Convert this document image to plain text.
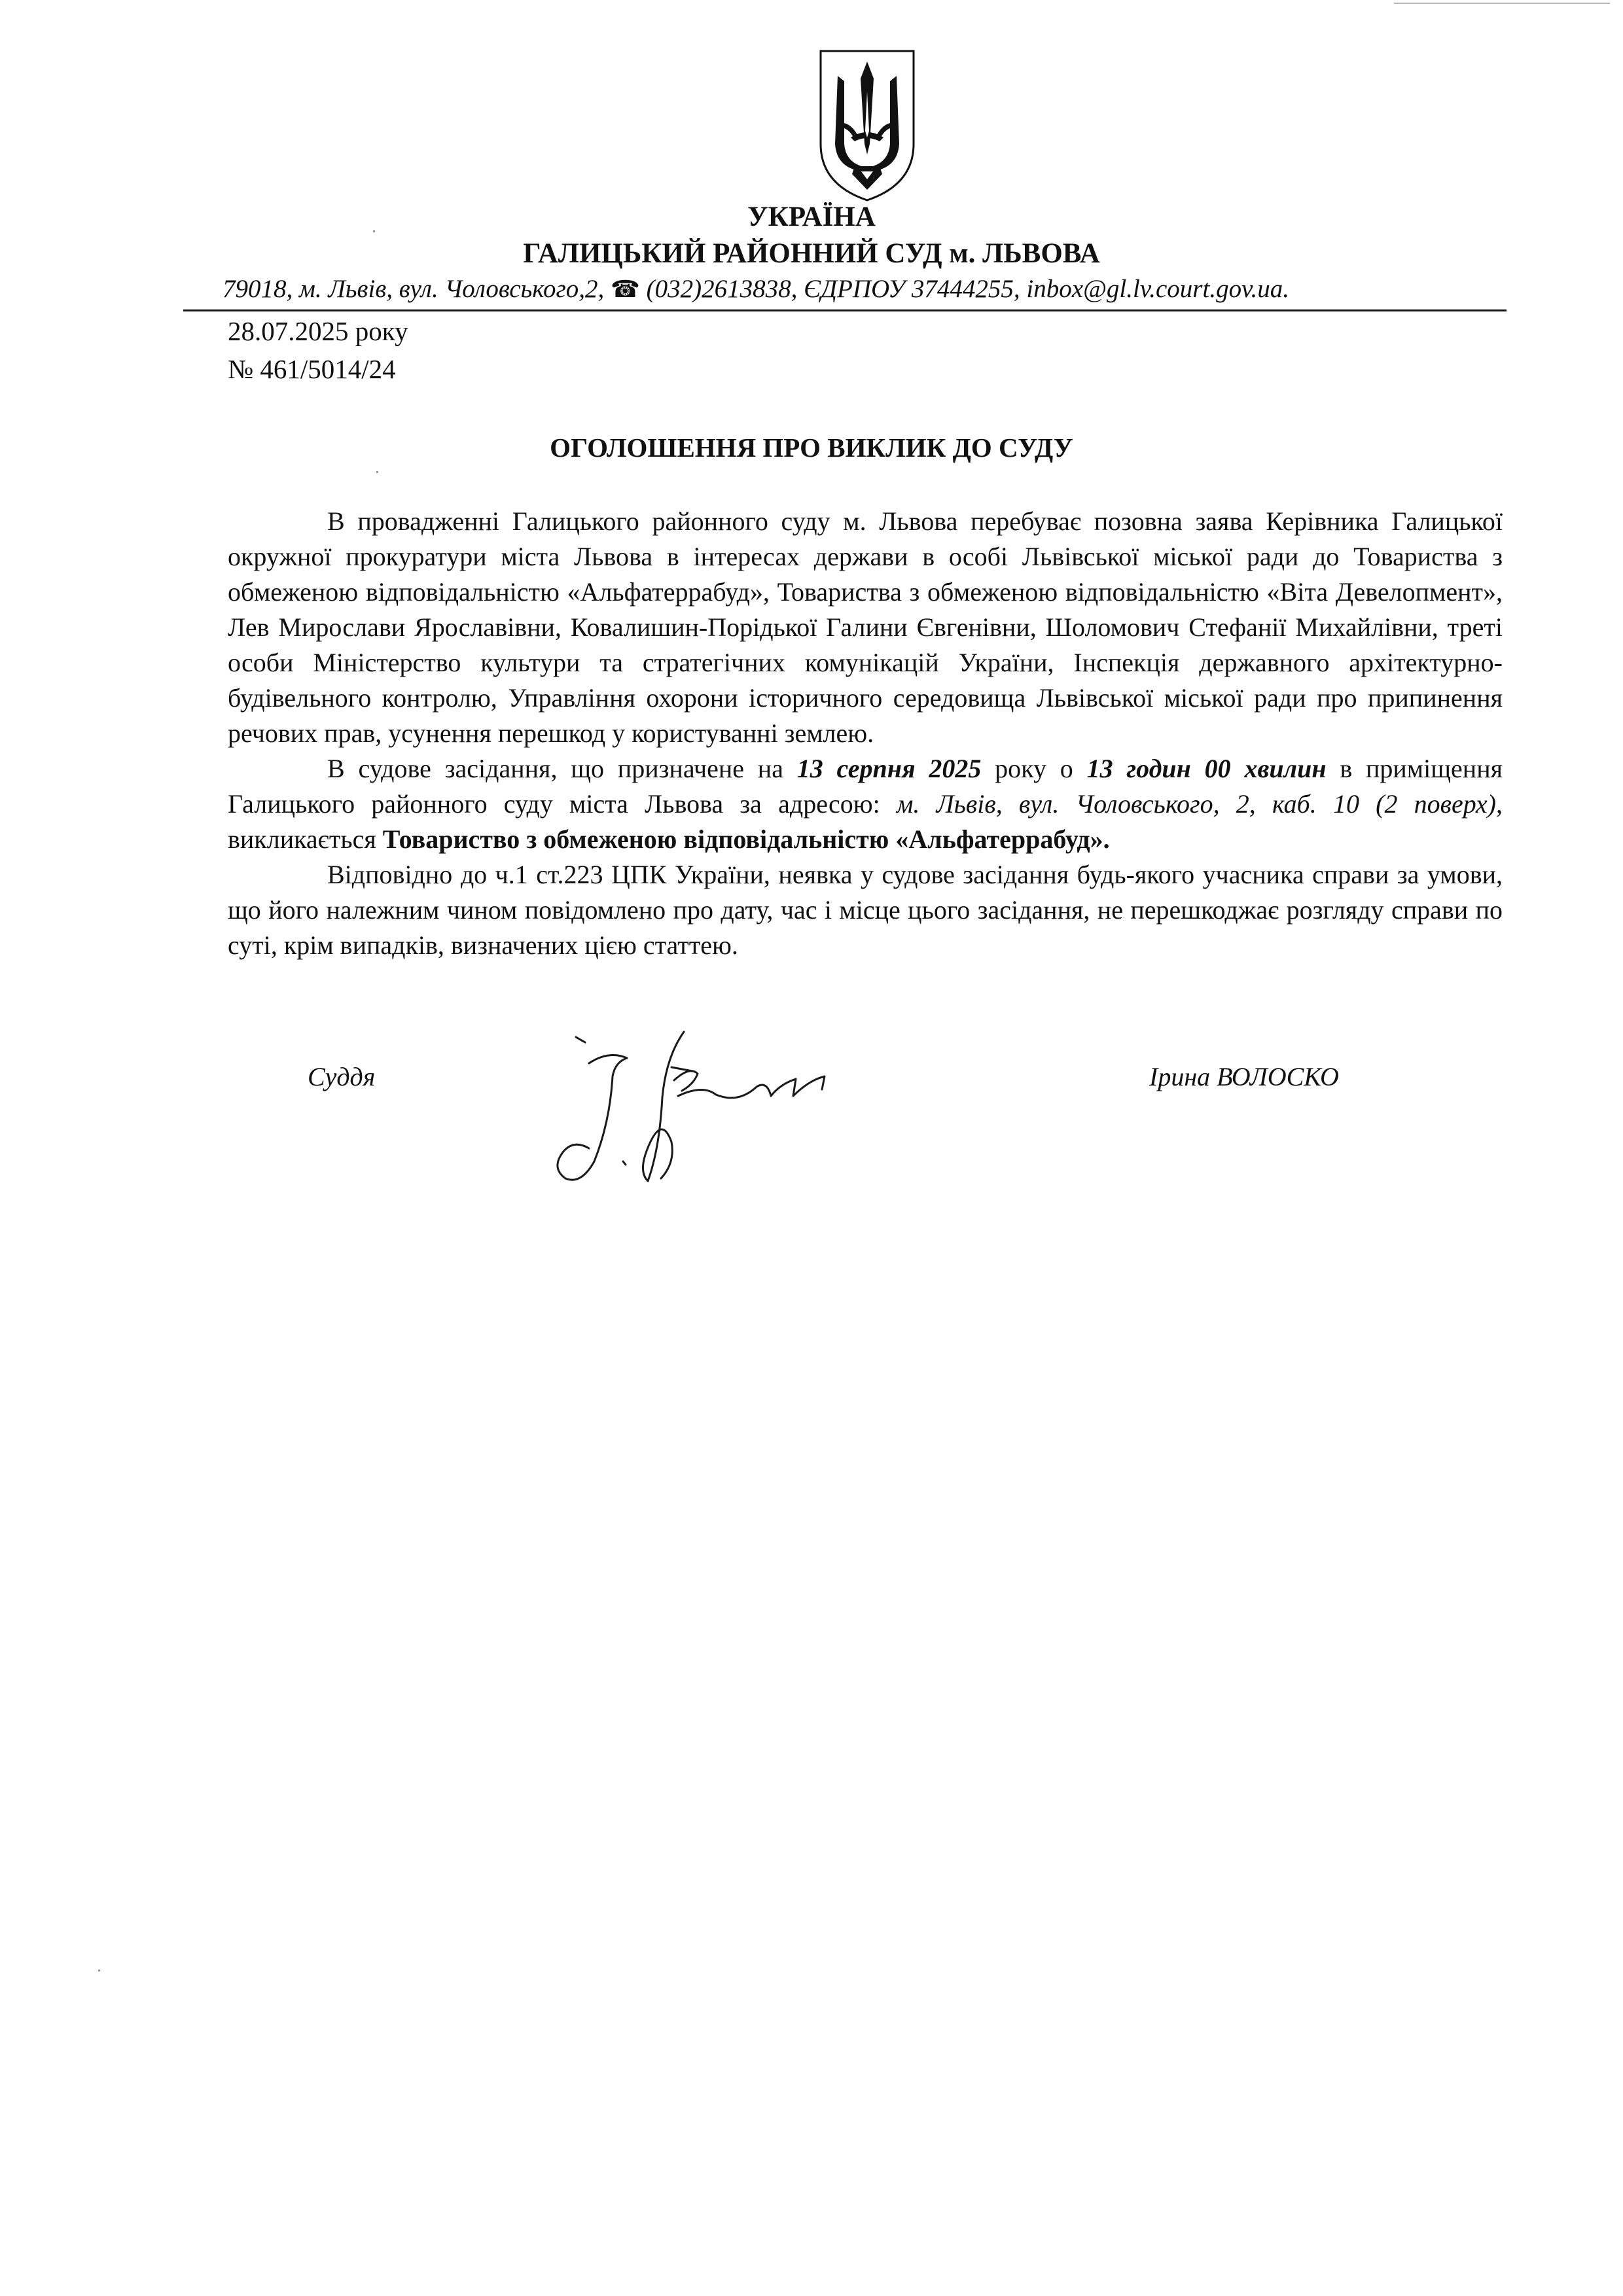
УКРАЇНА
ГАЛИЦЬКИЙ РАЙОННИЙ СУД м. ЛЬВОВА
79018, м. Львів, вул. Чоловського,2, ☎ (032)2613838, ЄДРПОУ 37444255, inbox@gl.lv.court.gov.ua.
28.07.2025 року
№ 461/5014/24
ОГОЛОШЕННЯ ПРО ВИКЛИК ДО СУДУ

В провадженні Галицького районного суду м. Львова перебуває позовна заява Керівника Галицької окружної прокуратури міста Львова в інтересах держави в особі Львівської міської ради до Товариства з обмеженою відповідальністю «Альфатеррабуд», Товариства з обмеженою відповідальністю «Віта Девелопмент», Лев Мирослави Ярославівни, Ковалишин-Порідької Галини Євгенівни, Шоломович Стефанії Михайлівни, треті особи Міністерство культури та стратегічних комунікацій України, Інспекція державного архітектурно-будівельного контролю, Управління охорони історичного середовища Львівської міської ради про припинення речових прав, усунення перешкод у користуванні землею.

В судове засідання, що призначене на 13 серпня 2025 року о 13 годин 00 хвилин в приміщення Галицького районного суду міста Львова за адресою: м. Львів, вул. Чоловського, 2, каб. 10 (2 поверх), викликається Товариство з обмеженою відповідальністю «Альфатеррабуд».

Відповідно до ч.1 ст.223 ЦПК України, неявка у судове засідання будь-якого учасника справи за умови, що його належним чином повідомлено про дату, час і місце цього засідання, не перешкоджає розгляду справи по суті, крім випадків, визначених цією статтею.

Суддя	Ірина ВОЛОСКО
